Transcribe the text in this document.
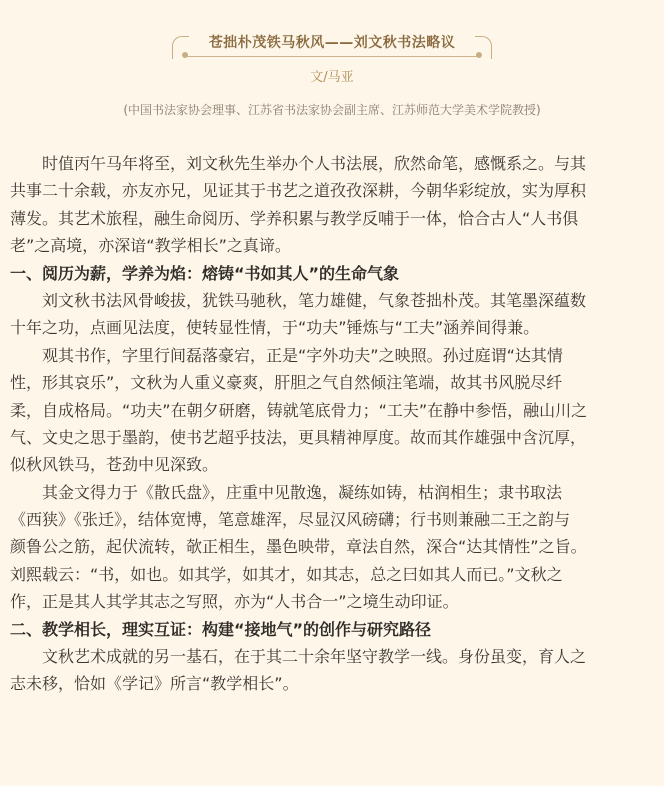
苍拙朴茂铁马秋风——刘文秋书法略议
文/马亚
(中国书法家协会理事、江苏省书法家协会副主席、江苏师范大学美术学院教授)
　　时值丙午马年将至，刘文秋先生举办个人书法展，欣然命笔，感慨系之。与其
共事二十余载，亦友亦兄，见证其于书艺之道孜孜深耕，今朝华彩绽放，实为厚积
薄发。其艺术旅程，融生命阅历、学养积累与教学反哺于一体，恰合古人“人书俱
老”之高境，亦深谙“教学相长”之真谛。
一、阅历为薪，学养为焰：熔铸“书如其人”的生命气象
　　刘文秋书法风骨峻拔，犹铁马驰秋，笔力雄健，气象苍拙朴茂。其笔墨深蕴数
十年之功，点画见法度，使转显性情，于“功夫”锤炼与“工夫”涵养间得兼。
　　观其书作，字里行间磊落豪宕，正是“字外功夫”之映照。孙过庭谓“达其情
性，形其哀乐”，文秋为人重义豪爽，肝胆之气自然倾注笔端，故其书风脱尽纤
柔，自成格局。“功夫”在朝夕研磨，铸就笔底骨力；“工夫”在静中参悟，融山川之
气、文史之思于墨韵，使书艺超乎技法，更具精神厚度。故而其作雄强中含沉厚，
似秋风铁马，苍劲中见深致。
　　其金文得力于《散氏盘》，庄重中见散逸，凝练如铸，枯润相生；隶书取法
《西狭》《张迁》，结体宽博，笔意雄浑，尽显汉风磅礴；行书则兼融二王之韵与
颜鲁公之筋，起伏流转，欹正相生，墨色映带，章法自然，深合“达其情性”之旨。
刘熙载云：“书，如也。如其学，如其才，如其志，总之曰如其人而已。”文秋之
作，正是其人其学其志之写照，亦为“人书合一”之境生动印证。
二、教学相长，理实互证：构建“接地气”的创作与研究路径
　　文秋艺术成就的另一基石，在于其二十余年坚守教学一线。身份虽变，育人之
志未移，恰如《学记》所言“教学相长”。
